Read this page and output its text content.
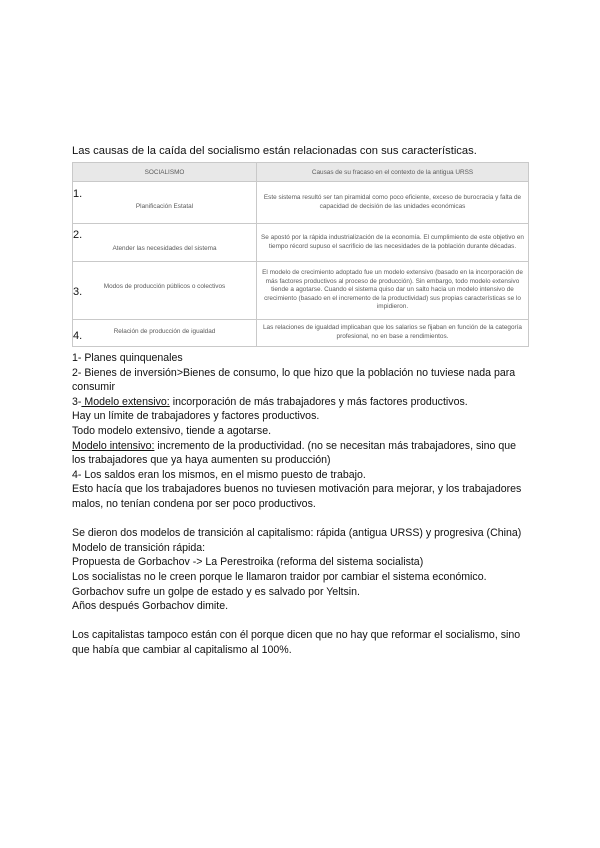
Las causas de la caída del socialismo están relacionadas con sus características.
SOCIALISMO	Causas de su fracaso en el contexto de la antigua URSS

1.
Planificación Estatal	Este sistema resultó ser tan piramidal como poco eficiente, exceso de burocracia y falta de capacidad de decisión de las unidades económicas

2.
Atender las necesidades del sistema	Se apostó por la rápida industrialización de la economía. El cumplimiento de este objetivo en tiempo récord supuso el sacrificio de las necesidades de la población durante décadas.

3. Modos de producción públicos o colectivos	El modelo de crecimiento adoptado fue un modelo extensivo (basado en la incorporación de más factores productivos al proceso de producción). Sin embargo, todo modelo extensivo tiende a agotarse. Cuando el sistema quiso dar un salto hacia un modelo intensivo de crecimiento (basado en el incremento de la productividad) sus propias características se lo impidieron.

4. Relación de producción de igualdad	Las relaciones de igualdad implicaban que los salarios se fijaban en función de la categoría profesional, no en base a rendimientos.

1- Planes quinquenales

2- Bienes de inversión>Bienes de consumo, lo que hizo que la población no tuviese nada para consumir

3- Modelo extensivo: incorporación de más trabajadores y más factores productivos.

Hay un límite de trabajadores y factores productivos.

Todo modelo extensivo, tiende a agotarse.

Modelo intensivo: incremento de la productividad. (no se necesitan más trabajadores, sino que los trabajadores que ya haya aumenten su producción)

4- Los saldos eran los mismos, en el mismo puesto de trabajo.

Esto hacía que los trabajadores buenos no tuviesen motivación para mejorar, y los trabajadores malos, no tenían condena por ser poco productivos.

Se dieron dos modelos de transición al capitalismo: rápida (antigua URSS) y progresiva (China)

Modelo de transición rápida:

Propuesta de Gorbachov -> La Perestroika (reforma del sistema socialista)

Los socialistas no le creen porque le llamaron traidor por cambiar el sistema económico.

Gorbachov sufre un golpe de estado y es salvado por Yeltsin.

Años después Gorbachov dimite.

Los capitalistas tampoco están con él porque dicen que no hay que reformar el socialismo, sino que había que cambiar al capitalismo al 100%.
